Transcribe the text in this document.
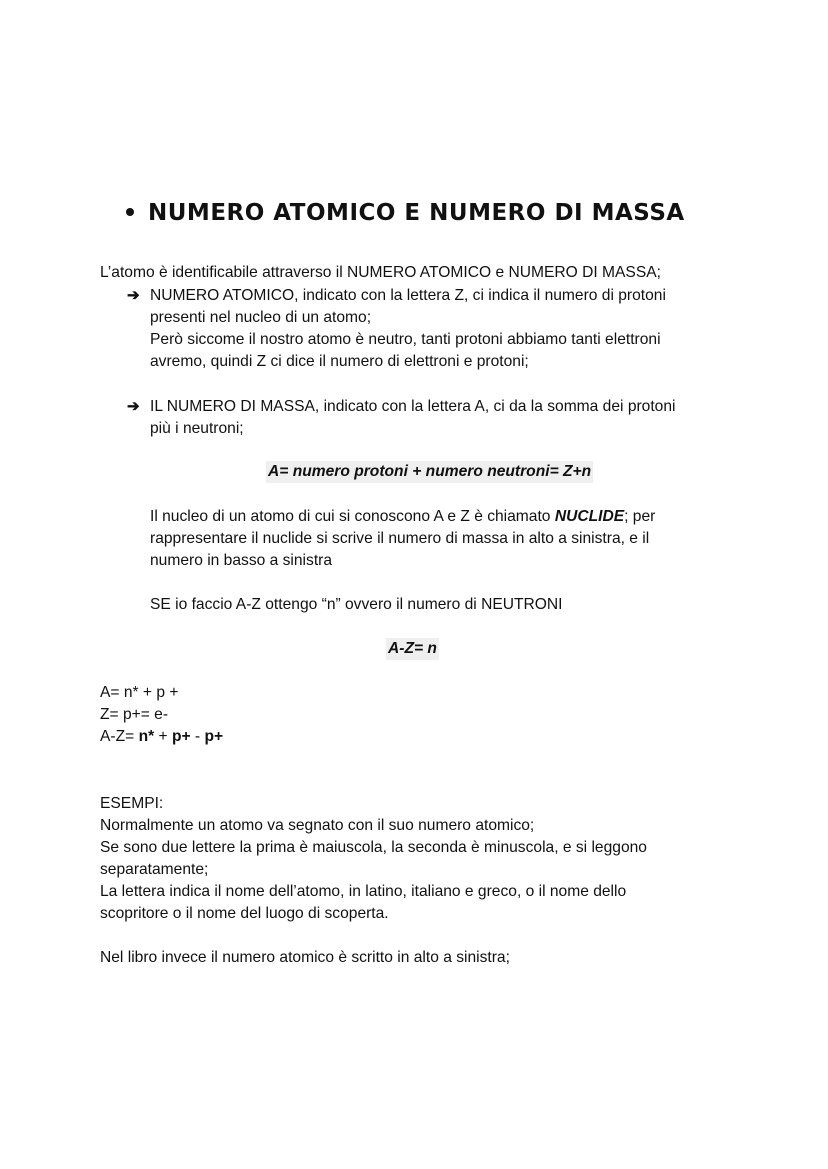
NUMERO ATOMICO E NUMERO DI MASSA
L’atomo è identificabile attraverso il NUMERO ATOMICO e NUMERO DI MASSA;
➔ NUMERO ATOMICO, indicato con la lettera Z, ci indica il numero di protoni
presenti nel nucleo di un atomo;
Però siccome il nostro atomo è neutro, tanti protoni abbiamo tanti elettroni
avremo, quindi Z ci dice il numero di elettroni e protoni;
➔ IL NUMERO DI MASSA, indicato con la lettera A, ci da la somma dei protoni
più i neutroni;
A= numero protoni + numero neutroni= Z+n
Il nucleo di un atomo di cui si conoscono A e Z è chiamato NUCLIDE; per
rappresentare il nuclide si scrive il numero di massa in alto a sinistra, e il
numero in basso a sinistra
SE io faccio A-Z ottengo “n” ovvero il numero di NEUTRONI
A-Z= n
A= n* + p +
Z= p+= e-
A-Z= n* + p+ - p+
ESEMPI:
Normalmente un atomo va segnato con il suo numero atomico;
Se sono due lettere la prima è maiuscola, la seconda è minuscola, e si leggono
separatamente;
La lettera indica il nome dell’atomo, in latino, italiano e greco, o il nome dello
scopritore o il nome del luogo di scoperta.
Nel libro invece il numero atomico è scritto in alto a sinistra;
